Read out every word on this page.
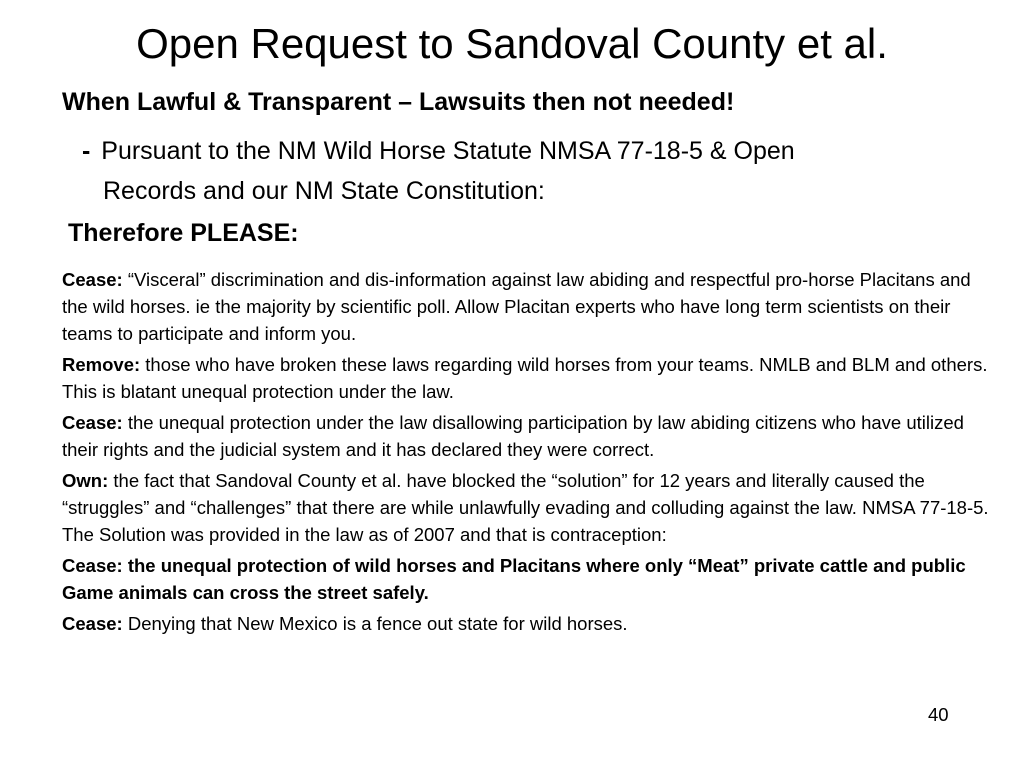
Open Request to Sandoval County et al.

When Lawful & Transparent – Lawsuits then not needed!

- Pursuant to the NM Wild Horse Statute NMSA 77-18-5 & Open
Records and our NM State Constitution:

Therefore PLEASE:

Cease: “Visceral” discrimination and dis-information against law abiding and respectful pro-horse Placitans and the wild horses. ie the majority by scientific poll. Allow Placitan experts who have long term scientists on their teams to participate and inform you.
Remove: those who have broken these laws regarding wild horses from your teams. NMLB and BLM and others. This is blatant unequal protection under the law.
Cease: the unequal protection under the law disallowing participation by law abiding citizens who have utilized their rights and the judicial system and it has declared they were correct.
Own: the fact that Sandoval County et al. have blocked the “solution” for 12 years and literally caused the “struggles” and “challenges” that there are while unlawfully evading and colluding against the law. NMSA 77-18-5. The Solution was provided in the law as of 2007 and that is contraception:
Cease: the unequal protection of wild horses and Placitans where only “Meat” private cattle and public Game animals can cross the street safely.
Cease: Denying that New Mexico is a fence out state for wild horses.
40
